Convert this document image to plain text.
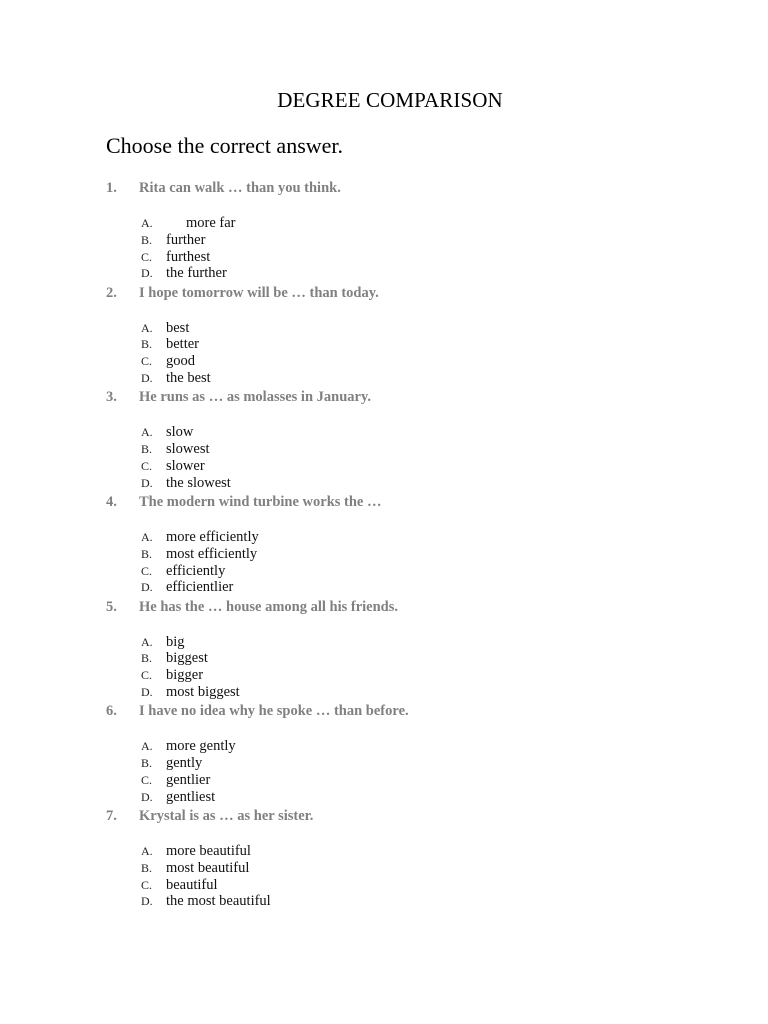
DEGREE COMPARISON
Choose the correct answer.
1. Rita can walk … than you think.
A. more far
B. further
C. furthest
D. the further
2. I hope tomorrow will be … than today.
A. best
B. better
C. good
D. the best
3. He runs as … as molasses in January.
A. slow
B. slowest
C. slower
D. the slowest
4. The modern wind turbine works the …
A. more efficiently
B. most efficiently
C. efficiently
D. efficientlier
5. He has the … house among all his friends.
A. big
B. biggest
C. bigger
D. most biggest
6. I have no idea why he spoke … than before.
A. more gently
B. gently
C. gentlier
D. gentliest
7. Krystal is as … as her sister.
A. more beautiful
B. most beautiful
C. beautiful
D. the most beautiful
